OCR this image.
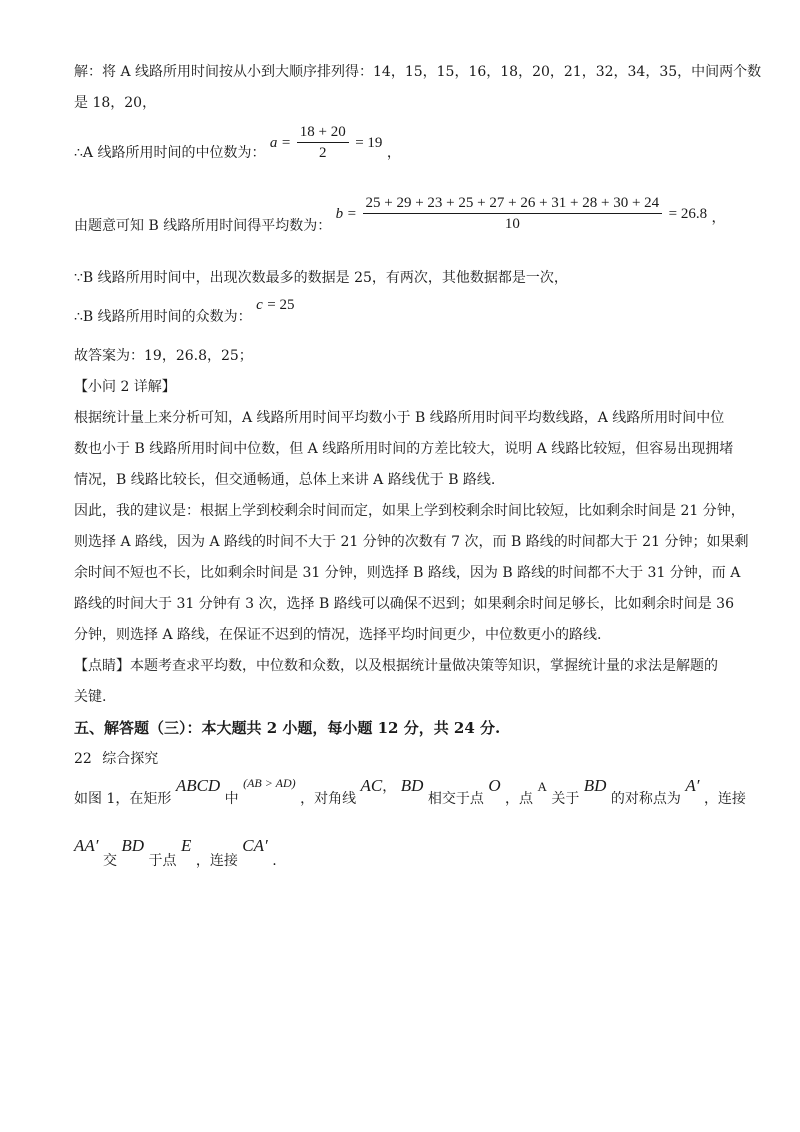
解：将 A 线路所用时间按从小到大顺序排列得：14，15，15，16，18，20，21，32，34，35，中间两个数
是 18，20，
∴A 线路所用时间的中位数为： $a = \frac{18 + 20}{2} = 19$ ，
由题意可知 B 线路所用时间得平均数为： $b = \frac{25 + 29 + 23 + 25 + 27 + 26 + 31 + 28 + 30 + 24}{10} = 26.8$ ，
∵B 线路所用时间中，出现次数最多的数据是 25，有两次，其他数据都是一次，
∴B 线路所用时间的众数为： c = 25
故答案为：19，26.8，25；
【小问 2 详解】
根据统计量上来分析可知，A 线路所用时间平均数小于 B 线路所用时间平均数线路，A 线路所用时间中位
数也小于 B 线路所用时间中位数，但 A 线路所用时间的方差比较大，说明 A 线路比较短，但容易出现拥堵
情况，B 线路比较长，但交通畅通，总体上来讲 A 路线优于 B 路线.
因此，我的建议是：根据上学到校剩余时间而定，如果上学到校剩余时间比较短，比如剩余时间是 21 分钟，
则选择 A 路线，因为 A 路线的时间不大于 21 分钟的次数有 7 次，而 B 路线的时间都大于 21 分钟；如果剩
余时间不短也不长，比如剩余时间是 31 分钟，则选择 B 路线，因为 B 路线的时间都不大于 31 分钟，而 A
路线的时间大于 31 分钟有 3 次，选择 B 路线可以确保不迟到；如果剩余时间足够长，比如剩余时间是 36
分钟，则选择 A 路线，在保证不迟到的情况，选择平均时间更少，中位数更小的路线.
【点睛】本题考查求平均数，中位数和众数，以及根据统计量做决策等知识，掌握统计量的求法是解题的
关键.
五、解答题（三）：本大题共 2 小题，每小题 12 分，共 24 分.
22 综合探究
如图 1，在矩形 ABCD 中 (AB > AD) ，对角线 AC， BD 相交于点 O ，点 A 关于 BD 的对称点为 A′ ，连接
AA′ 交 BD 于点 E ，连接 CA′ .
